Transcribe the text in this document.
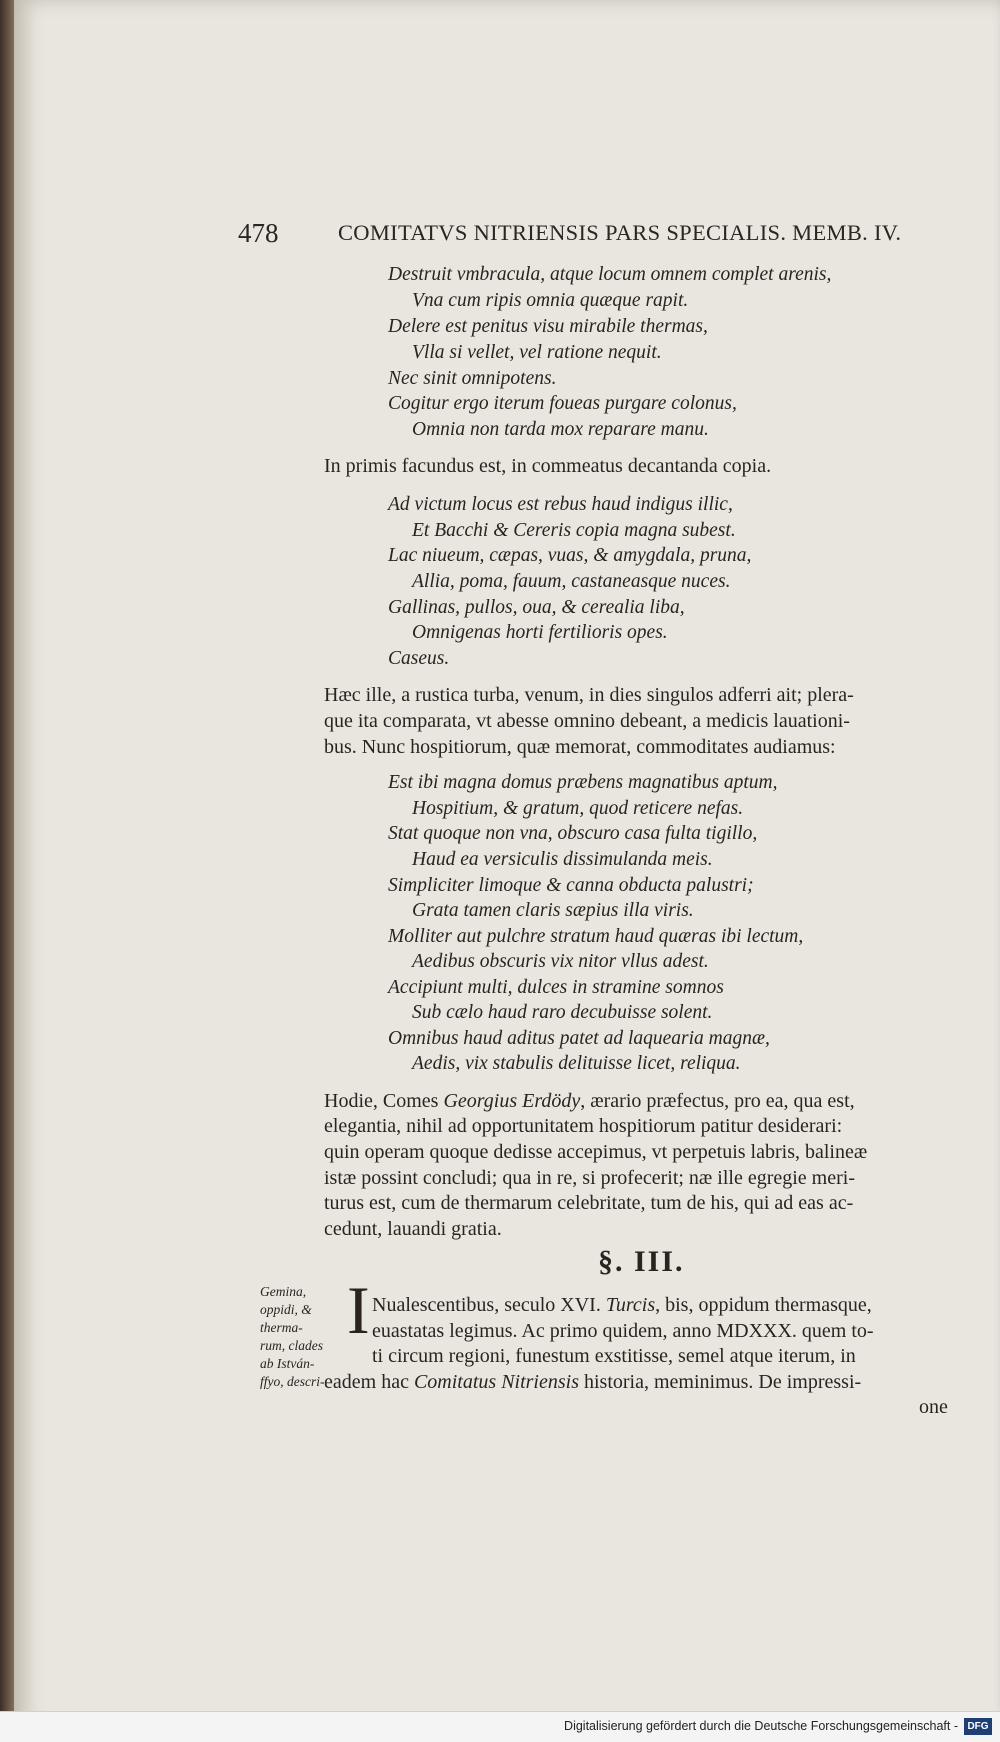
478	COMITATVS NITRIENSIS PARS SPECIALIS. MEMB. IV.
Destruit vmbracula, atque locum omnem complet arenis,
Vna cum ripis omnia quæque rapit.
Delere est penitus visu mirabile thermas,
Vlla si vellet, vel ratione nequit.
Nec sinit omnipotens.
Cogitur ergo iterum foueas purgare colonus,
Omnia non tarda mox reparare manu.
In primis facundus est, in commeatus decantanda copia.
Ad victum locus est rebus haud indigus illic,
Et Bacchi & Cereris copia magna subest.
Lac niueum, cæpas, vuas, & amygdala, pruna,
Allia, poma, fauum, castaneasque nuces.
Gallinas, pullos, oua, & cerealia liba,
Omnigenas horti fertilioris opes.
Caseus.
Hæc ille, a rustica turba, venum, in dies singulos adferri ait; plera-
que ita comparata, vt abesse omnino debeant, a medicis lauationi-
bus. Nunc hospitiorum, quæ memorat, commoditates audiamus:
Est ibi magna domus præbens magnatibus aptum,
Hospitium, & gratum, quod reticere nefas.
Stat quoque non vna, obscuro casa fulta tigillo,
Haud ea versiculis dissimulanda meis.
Simpliciter limoque & canna obducta palustri;
Grata tamen claris sæpius illa viris.
Molliter aut pulchre stratum haud quæras ibi lectum,
Aedibus obscuris vix nitor vllus adest.
Accipiunt multi, dulces in stramine somnos
Sub cælo haud raro decubuisse solent.
Omnibus haud aditus patet ad laquearia magnæ,
Aedis, vix stabulis delituisse licet, reliqua.
Hodie, Comes Georgius Erdödy, ærario præfectus, pro ea, qua est,
elegantia, nihil ad opportunitatem hospitiorum patitur desiderari:
quin operam quoque dedisse accepimus, vt perpetuis labris, balineæ
istæ possint concludi; qua in re, si profecerit; næ ille egregie meri-
turus est, cum de thermarum celebritate, tum de his, qui ad eas ac-
cedunt, lauandi gratia.
§. III.
Gemina,
oppidi, &
therma-
rum, clades
ab István-
ffyo, descri-
I Nualescentibus, seculo XVI. Turcis, bis, oppidum thermasque,
euastatas legimus. Ac primo quidem, anno MDXXX. quem to-
ti circum regioni, funestum exstitisse, semel atque iterum, in
eadem hac Comitatus Nitriensis historia, meminimus. De impressi-
one
Digitalisierung gefördert durch die Deutsche Forschungsgemeinschaft - DFG
